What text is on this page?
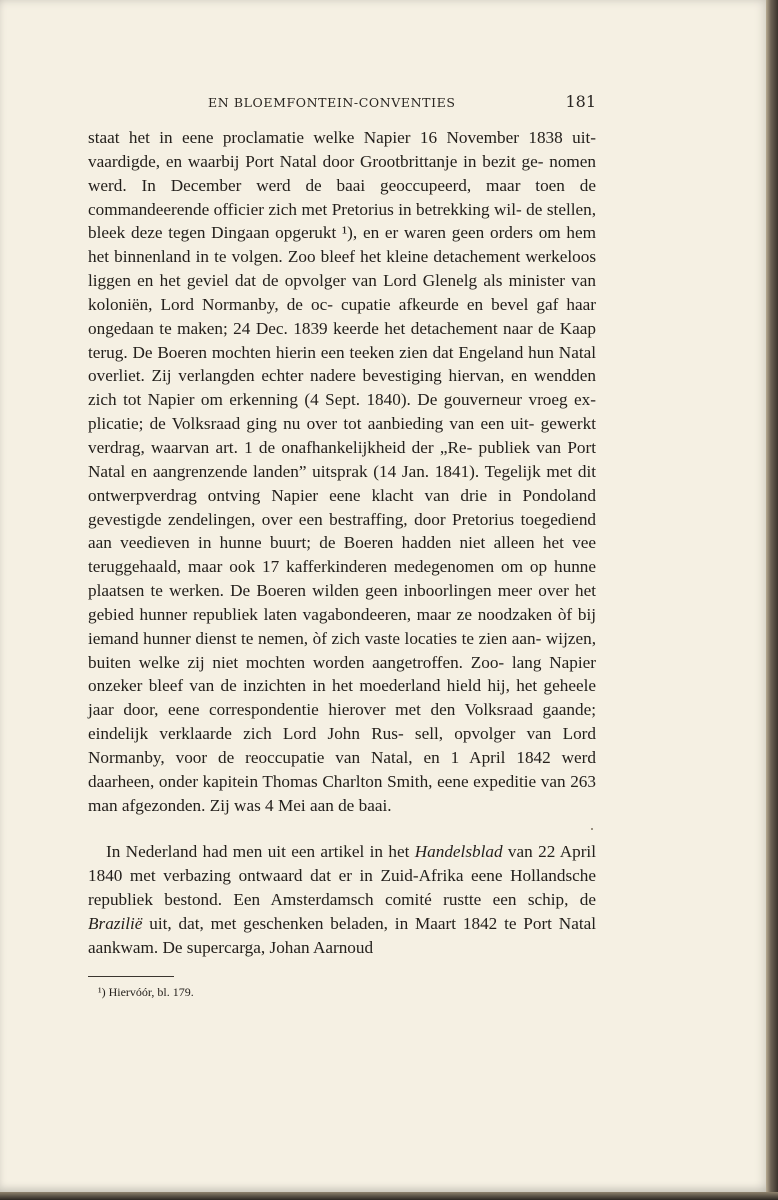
EN BLOEMFONTEIN-CONVENTIES	181

staat het in eene proclamatie welke Napier 16 November 1838 uit- vaardigde, en waarbij Port Natal door Grootbrittanje in bezit ge- nomen werd. In December werd de baai geoccupeerd, maar toen de commandeerende officier zich met Pretorius in betrekking wil- de stellen, bleek deze tegen Dingaan opgerukt ¹), en er waren geen orders om hem het binnenland in te volgen. Zoo bleef het kleine detachement werkeloos liggen en het geviel dat de opvolger van Lord Glenelg als minister van koloniën, Lord Normanby, de oc- cupatie afkeurde en bevel gaf haar ongedaan te maken; 24 Dec. 1839 keerde het detachement naar de Kaap terug. De Boeren mochten hierin een teeken zien dat Engeland hun Natal overliet. Zij verlangden echter nadere bevestiging hiervan, en wendden zich tot Napier om erkenning (4 Sept. 1840). De gouverneur vroeg ex- plicatie; de Volksraad ging nu over tot aanbieding van een uit- gewerkt verdrag, waarvan art. 1 de onafhankelijkheid der „Re- publiek van Port Natal en aangrenzende landen” uitsprak (14 Jan. 1841). Tegelijk met dit ontwerpverdrag ontving Napier eene klacht van drie in Pondoland gevestigde zendelingen, over een bestraffing, door Pretorius toegediend aan veedieven in hunne buurt; de Boeren hadden niet alleen het vee teruggehaald, maar ook 17 kafferkinderen medegenomen om op hunne plaatsen te werken. De Boeren wilden geen inboorlingen meer over het gebied hunner republiek laten vagabondeeren, maar ze noodzaken òf bij iemand hunner dienst te nemen, òf zich vaste locaties te zien aan- wijzen, buiten welke zij niet mochten worden aangetroffen. Zoo- lang Napier onzeker bleef van de inzichten in het moederland hield hij, het geheele jaar door, eene correspondentie hierover met den Volksraad gaande; eindelijk verklaarde zich Lord John Rus- sell, opvolger van Lord Normanby, voor de reoccupatie van Natal, en 1 April 1842 werd daarheen, onder kapitein Thomas Charlton Smith, eene expeditie van 263 man afgezonden. Zij was 4 Mei aan de baai.

In Nederland had men uit een artikel in het Handelsblad van 22 April 1840 met verbazing ontwaard dat er in Zuid-Afrika eene Hollandsche republiek bestond. Een Amsterdamsch comité rustte een schip, de Brazilië uit, dat, met geschenken beladen, in Maart 1842 te Port Natal aankwam. De supercarga, Johan Aarnoud

¹) Hiervóór, bl. 179.
